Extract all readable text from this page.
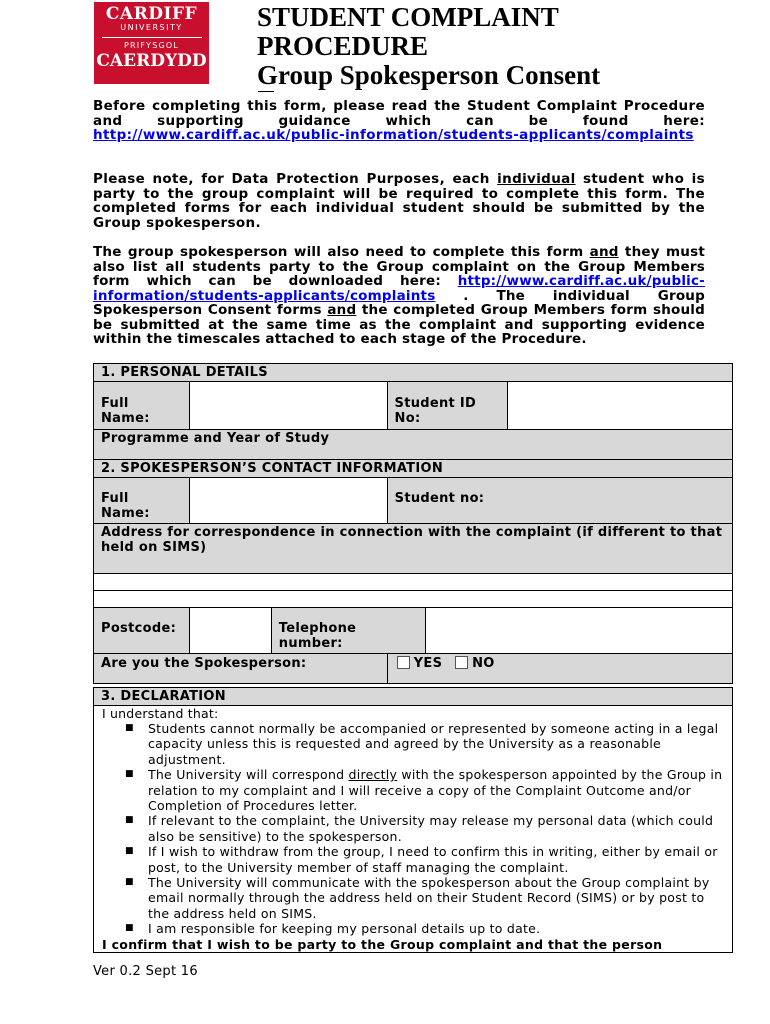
CARDIFF
UNIVERSITY
PRIFYSGOL
CAERDYDD
STUDENT COMPLAINT
PROCEDURE
Group Spokesperson Consent
Before completing this form, please read the Student Complaint Procedure and supporting guidance which can be found here: http://www.cardiff.ac.uk/public-information/students-applicants/complaints
Please note, for Data Protection Purposes, each individual student who is party to the group complaint will be required to complete this form. The completed forms for each individual student should be submitted by the Group spokesperson.
The group spokesperson will also need to complete this form and they must also list all students party to the Group complaint on the Group Members form which can be downloaded here: http://www.cardiff.ac.uk/public-information/students-applicants/complaints . The individual Group Spokesperson Consent forms and the completed Group Members form should be submitted at the same time as the complaint and supporting evidence within the timescales attached to each stage of the Procedure.
1. PERSONAL DETAILS
Full Name:		Student ID No:	
Programme and Year of Study
2. SPOKESPERSON’S CONTACT INFORMATION				
Full Name:			Student no:	
Address for correspondence in connection with the complaint (if different to that held on SIMS)				

Postcode:		Telephone number:		
Are you the Spokesperson:			YES NO	
3. DECLARATION
I understand that:
■ Students cannot normally be accompanied or represented by someone acting in a legal capacity unless this is requested and agreed by the University as a reasonable adjustment.
■ The University will correspond directly with the spokesperson appointed by the Group in relation to my complaint and I will receive a copy of the Complaint Outcome and/or Completion of Procedures letter.
■ If relevant to the complaint, the University may release my personal data (which could also be sensitive) to the spokesperson.
■ If I wish to withdraw from the group, I need to confirm this in writing, either by email or post, to the University member of staff managing the complaint.
■ The University will communicate with the spokesperson about the Group complaint by email normally through the address held on their Student Record (SIMS) or by post to the address held on SIMS.
■ I am responsible for keeping my personal details up to date.
I confirm that I wish to be party to the Group complaint and that the person
Ver 0.2 Sept 16
